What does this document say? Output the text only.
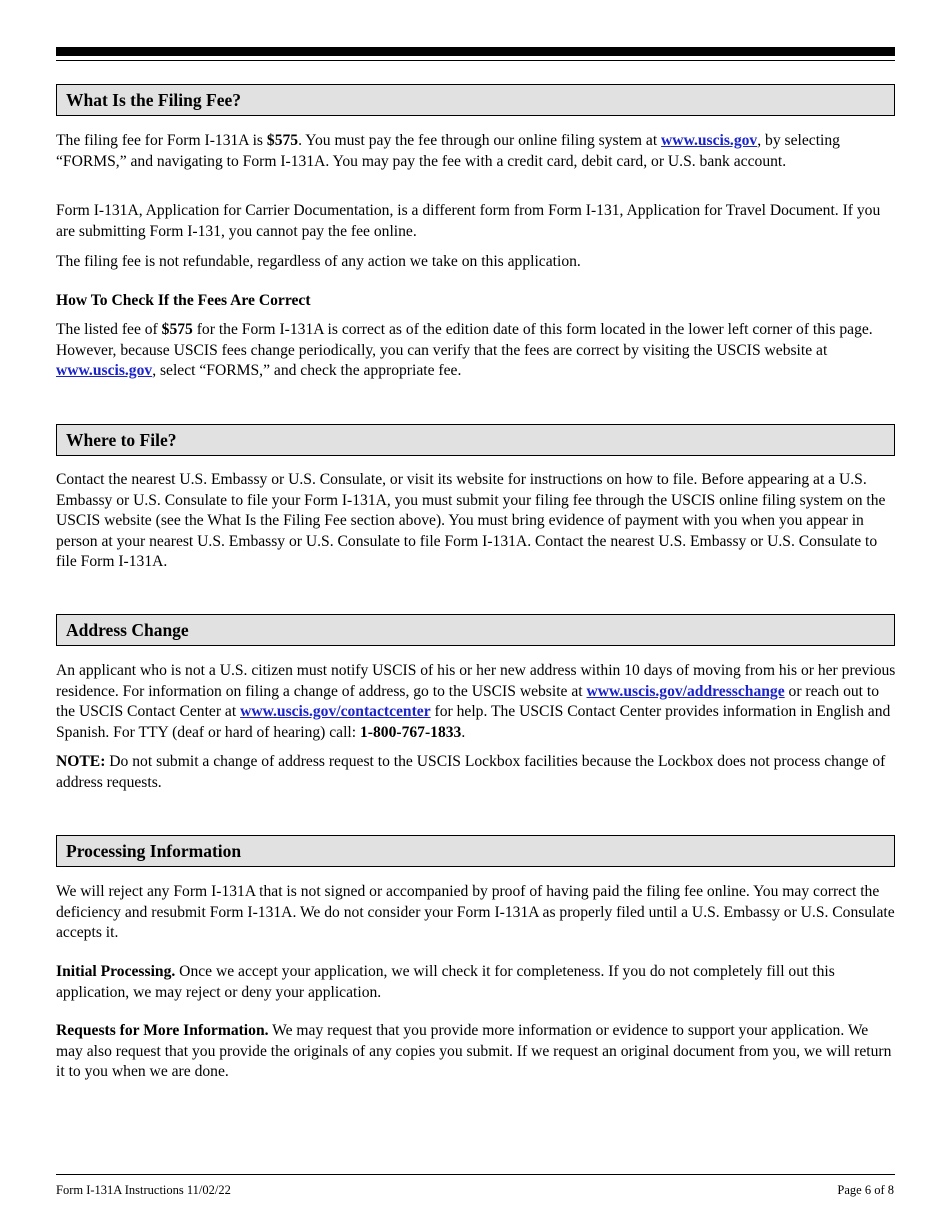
What Is the Filing Fee?

The filing fee for Form I-131A is $575. You must pay the fee through our online filing system at www.uscis.gov, by selecting “FORMS,” and navigating to Form I-131A. You may pay the fee with a credit card, debit card, or U.S. bank account.

Form I-131A, Application for Carrier Documentation, is a different form from Form I-131, Application for Travel Document. If you are submitting Form I-131, you cannot pay the fee online.

The filing fee is not refundable, regardless of any action we take on this application.

How To Check If the Fees Are Correct

The listed fee of $575 for the Form I-131A is correct as of the edition date of this form located in the lower left corner of this page. However, because USCIS fees change periodically, you can verify that the fees are correct by visiting the USCIS website at www.uscis.gov, select “FORMS,” and check the appropriate fee.

Where to File?

Contact the nearest U.S. Embassy or U.S. Consulate, or visit its website for instructions on how to file. Before appearing at a U.S. Embassy or U.S. Consulate to file your Form I-131A, you must submit your filing fee through the USCIS online filing system on the USCIS website (see the What Is the Filing Fee section above). You must bring evidence of payment with you when you appear in person at your nearest U.S. Embassy or U.S. Consulate to file Form I-131A. Contact the nearest U.S. Embassy or U.S. Consulate to file Form I-131A.

Address Change

An applicant who is not a U.S. citizen must notify USCIS of his or her new address within 10 days of moving from his or her previous residence. For information on filing a change of address, go to the USCIS website at www.uscis.gov/addresschange or reach out to the USCIS Contact Center at www.uscis.gov/contactcenter for help. The USCIS Contact Center provides information in English and Spanish. For TTY (deaf or hard of hearing) call: 1-800-767-1833.

NOTE: Do not submit a change of address request to the USCIS Lockbox facilities because the Lockbox does not process change of address requests.

Processing Information

We will reject any Form I-131A that is not signed or accompanied by proof of having paid the filing fee online. You may correct the deficiency and resubmit Form I-131A. We do not consider your Form I-131A as properly filed until a U.S. Embassy or U.S. Consulate accepts it.

Initial Processing. Once we accept your application, we will check it for completeness. If you do not completely fill out this application, we may reject or deny your application.

Requests for More Information. We may request that you provide more information or evidence to support your application. We may also request that you provide the originals of any copies you submit. If we request an original document from you, we will return it to you when we are done.

Form I-131A Instructions 11/02/22	Page 6 of 8
